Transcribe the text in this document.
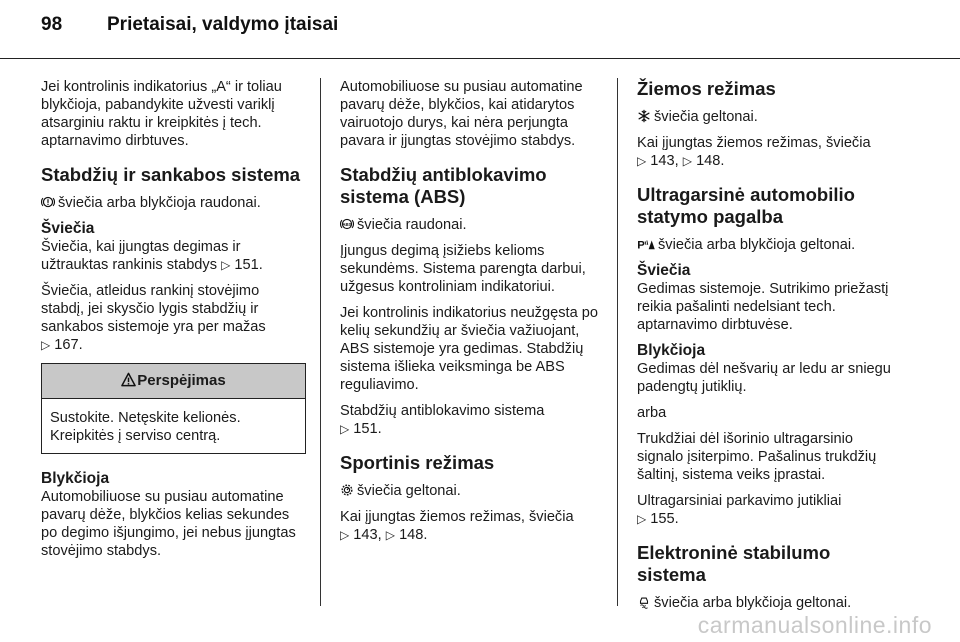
98 Prietaisai, valdymo įtaisai

Jei kontrolinis indikatorius „A“ ir toliau blykčioja, pabandykite užvesti variklį atsarginiu raktu ir kreipkitės į tech. aptarnavimo dirbtuves.

Stabdžių ir sankabos sistema

šviečia arba blykčioja raudonai.

Šviečia

Šviečia, kai įjungtas degimas ir užtrauktas rankinis stabdys ▷ 151.

Šviečia, atleidus rankinį stovėjimo stabdį, jei skysčio lygis stabdžių ir sankabos sistemoje yra per mažas
▷ 167.

Perspėjimas
Sustokite. Netęskite kelionės. Kreipkitės į serviso centrą.
Blykčioja

Automobiliuose su pusiau automatine pavarų dėže, blykčios kelias sekundes po degimo išjungimo, jei nebus įjungtas stovėjimo stabdys.

Automobiliuose su pusiau automatine pavarų dėže, blykčios, kai atidarytos vairuotojo durys, kai nėra perjungta pavara ir įjungtas stovėjimo stabdys.

Stabdžių antiblokavimo sistema (ABS)

ABS šviečia raudonai.

Įjungus degimą įsižiebs kelioms sekundėms. Sistema parengta darbui, užgesus kontroliniam indikatoriui.

Jei kontrolinis indikatorius neužgęsta po kelių sekundžių ar šviečia važiuojant, ABS sistemoje yra gedimas. Stabdžių sistema išlieka veiksminga be ABS reguliavimo.

Stabdžių antiblokavimo sistema
▷ 151.

Sportinis režimas

šviečia geltonai.

Kai įjungtas žiemos režimas, šviečia
▷ 143, ▷ 148.

Žiemos režimas

šviečia geltonai.

Kai įjungtas žiemos režimas, šviečia
▷ 143, ▷ 148.

Ultragarsinė automobilio statymo pagalba

P šviečia arba blykčioja geltonai.

Šviečia

Gedimas sistemoje. Sutrikimo priežastį reikia pašalinti nedelsiant tech. aptarnavimo dirbtuvėse.

Blykčioja

Gedimas dėl nešvarių ar ledu ar sniegu padengtų jutiklių.

arba

Trukdžiai dėl išorinio ultragarsinio signalo įsiterpimo. Pašalinus trukdžių šaltinį, sistema veiks įprastai.

Ultragarsiniai parkavimo jutikliai
▷ 155.

Elektroninė stabilumo sistema

šviečia arba blykčioja geltonai.

carmanualsonline.info
